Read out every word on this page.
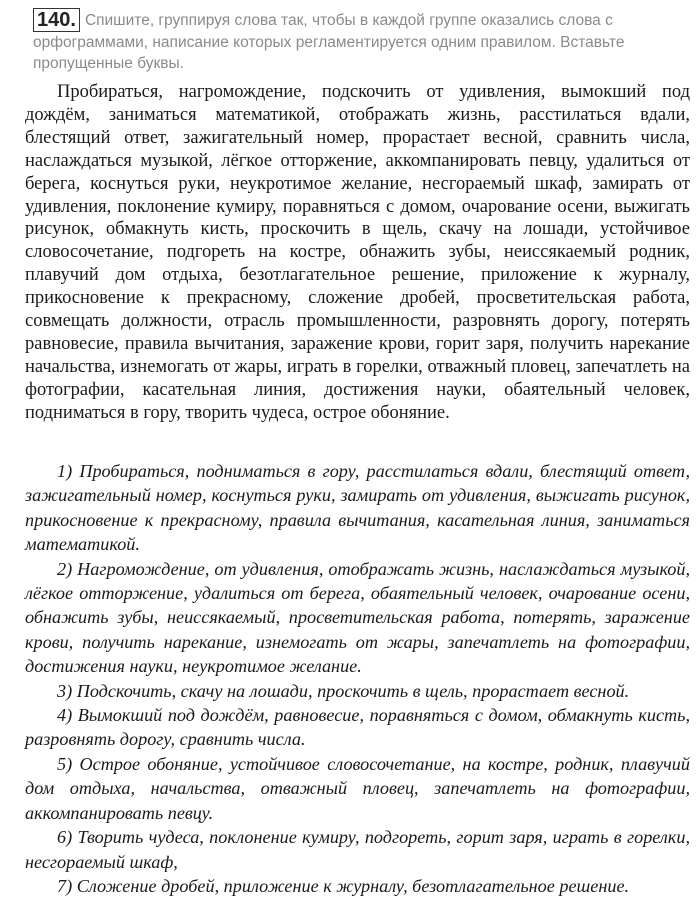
140. Спишите, группируя слова так, чтобы в каждой группе оказались слова с орфограммами, написание которых регламентируется одним правилом. Вставьте пропущенные буквы.

Пробираться, нагромождение, подскочить от удивления, вымокший под дождём, заниматься математикой, отображать жизнь, расстилаться вдали, блестящий ответ, зажигательный номер, прорастает весной, сравнить числа, наслаждаться музыкой, лёгкое отторжение, аккомпанировать певцу, удалиться от берега, коснуться руки, неукротимое желание, несгораемый шкаф, замирать от удивления, поклонение кумиру, поравняться с домом, очарование осени, выжигать рисунок, обмакнуть кисть, проскочить в щель, скачу на лошади, устойчивое словосочетание, подгореть на костре, обнажить зубы, неиссякаемый родник, плавучий дом отдыха, безотлагательное решение, приложение к журналу, прикосновение к прекрасному, сложение дробей, просветительская работа, совмещать должности, отрасль промышленности, разровнять дорогу, потерять равновесие, правила вычитания, заражение крови, горит заря, получить нарекание начальства, изнемогать от жары, играть в горелки, отважный пловец, запечатлеть на фотографии, касательная линия, достижения науки, обаятельный человек, подниматься в гору, творить чудеса, острое обоняние.

1) Пробираться, подниматься в гору, расстилаться вдали, блестящий ответ, зажигательный номер, коснуться руки, замирать от удивления, выжигать рисунок, прикосновение к прекрасному, правила вычитания, касательная линия, заниматься математикой.

2) Нагромождение, от удивления, отображать жизнь, наслаждаться музыкой, лёгкое отторжение, удалиться от берега, обаятельный человек, очарование осени, обнажить зубы, неиссякаемый, просветительская работа, потерять, заражение крови, получить нарекание, изнемогать от жары, запечатлеть на фотографии, достижения науки, неукротимое желание.

3) Подскочить, скачу на лошади, проскочить в щель, прорастает весной.

4) Вымокший под дождём, равновесие, поравняться с домом, обмакнуть кисть, разровнять дорогу, сравнить числа.

5) Острое обоняние, устойчивое словосочетание, на костре, родник, плавучий дом отдыха, начальства, отважный пловец, запечатлеть на фотографии, аккомпанировать певцу.

6) Творить чудеса, поклонение кумиру, подгореть, горит заря, играть в горелки, несгораемый шкаф,

7) Сложение дробей, приложение к журналу, безотлагательное решение.
